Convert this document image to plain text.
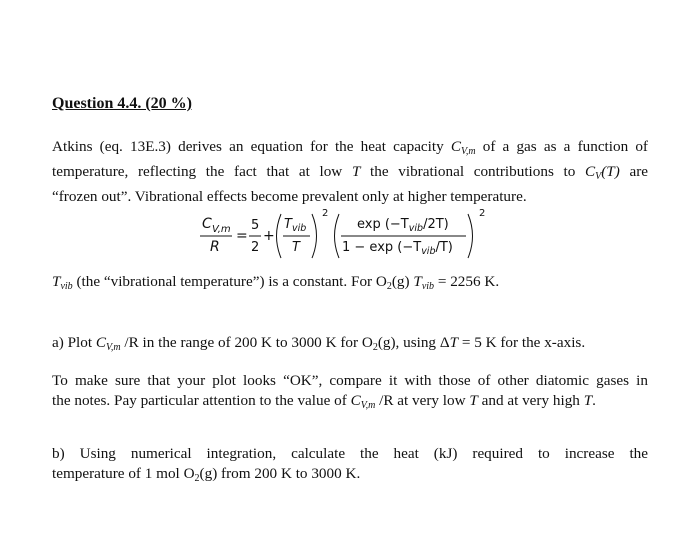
Question 4.4. (20 %)
Atkins (eq. 13E.3) derives an equation for the heat capacity $C_{V,m}$ of a gas as a function of
temperature, reflecting the fact that at low T the vibrational contributions to $C_V(T)$ are
“frozen out”. Vibrational effects become prevalent only at higher temperature.
C V,m
R
=
5
2
+
T vib
T
2
$\exp (-T_{vib}/2T)$
$1 - \exp (-T_{vib}/T)$
2
$T_{vib}$ (the “vibrational temperature”) is a constant. For O2(g) $T_{vib} = 2256$ K.
a) Plot $C_{V,m}$ /R in the range of 200 K to 3000 K for O2(g), using ΔT = 5 K for the x-axis.
To make sure that your plot looks “OK”, compare it with those of other diatomic gases in
the notes. Pay particular attention to the value of $C_{V,m}$ /R at very low T and at very high T.
b) Using numerical integration, calculate the heat (kJ) required to increase the
temperature of 1 mol O2(g) from 200 K to 3000 K.
